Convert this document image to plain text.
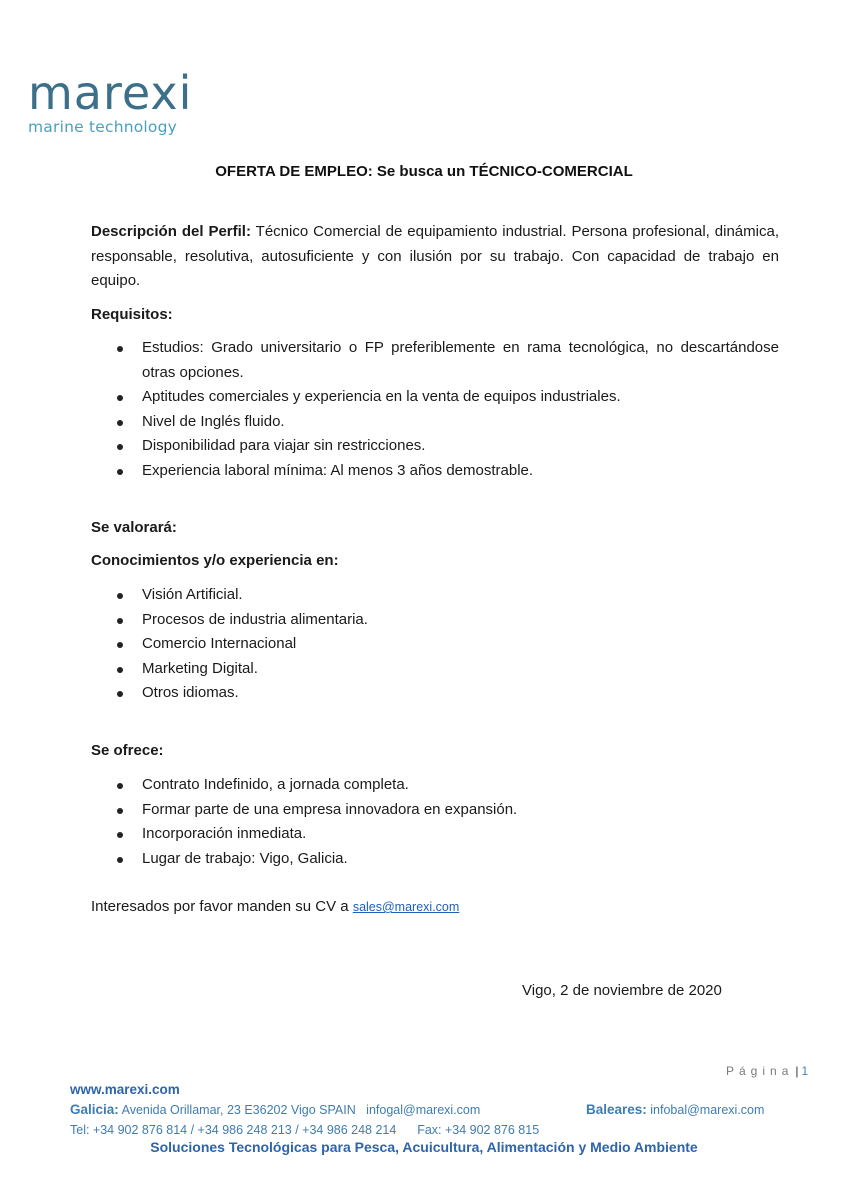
marexi
marine technology
OFERTA DE EMPLEO: Se busca un TÉCNICO-COMERCIAL

Descripción del Perfil: Técnico Comercial de equipamiento industrial. Persona profesional, dinámica, responsable, resolutiva, autosuficiente y con ilusión por su trabajo. Con capacidad de trabajo en equipo.

Requisitos:

Estudios: Grado universitario o FP preferiblemente en rama tecnológica, no descartándose otras opciones.
Aptitudes comerciales y experiencia en la venta de equipos industriales.
Nivel de Inglés fluido.
Disponibilidad para viajar sin restricciones.
Experiencia laboral mínima: Al menos 3 años demostrable.

Se valorará:

Conocimientos y/o experiencia en:

Visión Artificial.
Procesos de industria alimentaria.
Comercio Internacional
Marketing Digital.
Otros idiomas.

Se ofrece:

Contrato Indefinido, a jornada completa.
Formar parte de una empresa innovadora en expansión.
Incorporación inmediata.
Lugar de trabajo: Vigo, Galicia.
Interesados por favor manden su CV a sales@marexi.com
Vigo, 2 de noviembre de 2020
Página | 1
www.marexi.com
Galicia: Avenida Orillamar, 23 E36202 Vigo SPAIN infogal@marexi.com	Baleares: infobal@marexi.com
Tel: +34 902 876 814 / +34 986 248 213 / +34 986 248 214 Fax: +34 902 876 815
Soluciones Tecnológicas para Pesca, Acuicultura, Alimentación y Medio Ambiente
